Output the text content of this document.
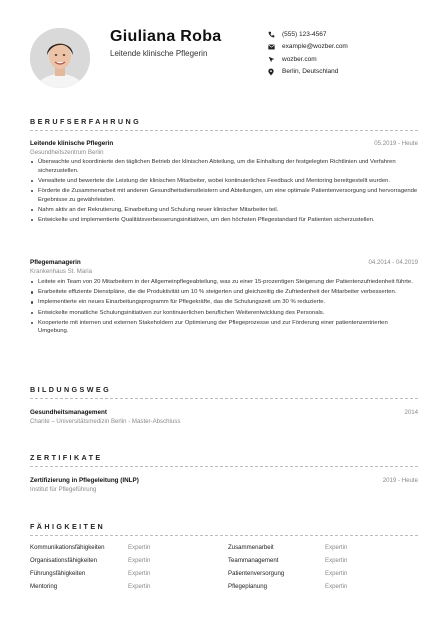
Giuliana Roba
Leitende klinische Pflegerin
(555) 123-4567
example@wozber.com
wozber.com
Berlin, Deutschland
BERUFSERFAHRUNG
Leitende klinische Pflegerin	05.2019 - Heute
Gesundheitszentrum Berlin
Überwachte und koordinierte den täglichen Betrieb der klinischen Abteilung, um die Einhaltung der festgelegten Richtlinien und Verfahren sicherzustellen.
Verwaltete und bewertete die Leistung der klinischen Mitarbeiter, wobei kontinuierliches Feedback und Mentoring bereitgestellt wurden.
Förderte die Zusammenarbeit mit anderen Gesundheitsdienstleistern und Abteilungen, um eine optimale Patientenversorgung und hervorragende Ergebnisse zu gewährleisten.
Nahm aktiv an der Rekrutierung, Einarbeitung und Schulung neuer klinischer Mitarbeiter teil.
Entwickelte und implementierte Qualitätsverbesserungsinitiativen, um den höchsten Pflegestandard für Patienten sicherzustellen.
Pflegemanagerin	04.2014 - 04.2019
Krankenhaus St. Maria
Leitete ein Team von 20 Mitarbeitern in der Allgemeinpflegeabteilung, was zu einer 15-prozentigen Steigerung der Patientenzufriedenheit führte.
Erarbeitete effiziente Dienstpläne, die die Produktivität um 10 % steigerten und gleichzeitig die Zufriedenheit der Mitarbeiter verbesserten.
Implementierte ein neues Einarbeitungsprogramm für Pflegekräfte, das die Schulungszeit um 30 % reduzierte.
Entwickelte monatliche Schulungsinitiativen zur kontinuierlichen beruflichen Weiterentwicklung des Personals.
Kooperierte mit internen und externen Stakeholdern zur Optimierung der Pflegeprozesse und zur Förderung einer patientenzentrierten Umgebung.
BILDUNGSWEG
Gesundheitsmanagement	2014
Charite – Universitätsmedizin Berlin - Master-Abschluss
ZERTIFIKATE
Zertifizierung in Pflegeleitung (INLP)	2019 - Heute
Institut für Pflegeführung
FÄHIGKEITEN
Kommunikationsfähigkeiten	Expertin
Organisationsfähigkeiten	Expertin
Führungsfähigkeiten	Expertin
Mentoring	Expertin
Zusammenarbeit	Expertin
Teammanagement	Expertin
Patientenversorgung	Expertin
Pflegeplanung	Expertin
